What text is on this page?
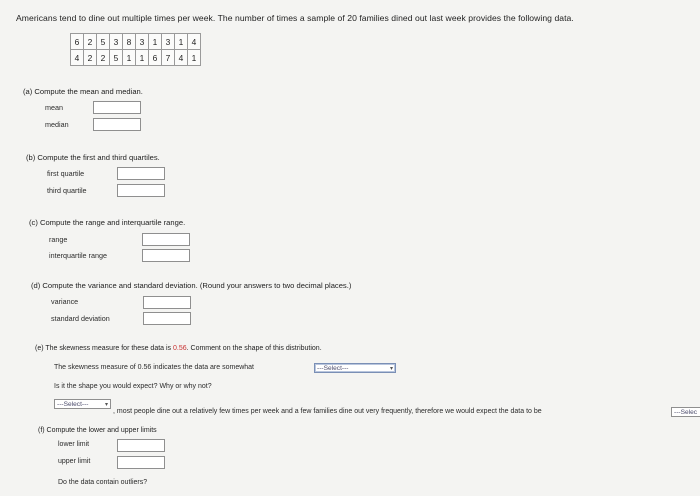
Americans tend to dine out multiple times per week. The number of times a sample of 20 families dined out last week provides the following data.
6	2	5	3	8	3	1	3	1	4
4	2	2	5	1	1	6	7	4	1
(a) Compute the mean and median.
mean
median
(b) Compute the first and third quartiles.
first quartile
third quartile
(c) Compute the range and interquartile range.
range
interquartile range
(d) Compute the variance and standard deviation. (Round your answers to two decimal places.)
variance
standard deviation
(e) The skewness measure for these data is 0.56. Comment on the shape of this distribution.
The skewness measure of 0.56 indicates the data are somewhat	---Select---	▾
Is it the shape you would expect? Why or why not?
---Select---	▾
, most people dine out a relatively few times per week and a few families dine out very frequently, therefore we would expect the data to be	---Selec
(f) Compute the lower and upper limits
lower limit
upper limit
Do the data contain outliers?
